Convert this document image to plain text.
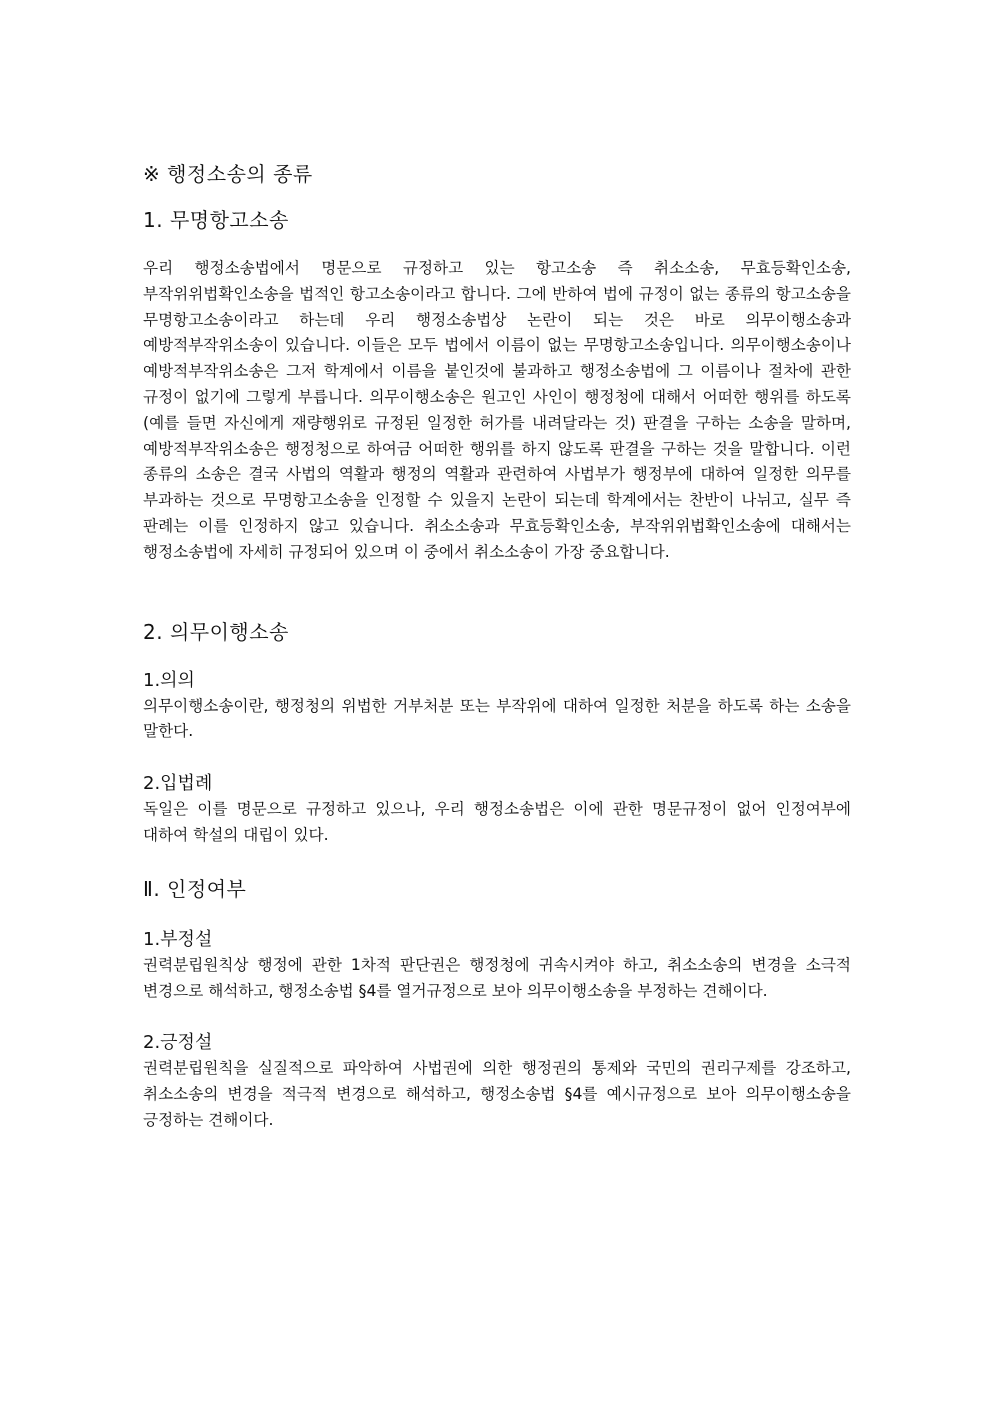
※ 행정소송의 종류
1. 무명항고소송

우리 행정소송법에서 명문으로 규정하고 있는 항고소송 즉 취소소송, 무효등확인소송, 부작위위법확인소송을 법적인 항고소송이라고 합니다. 그에 반하여 법에 규정이 없는 종류의 항고소송을 무명항고소송이라고 하는데 우리 행정소송법상 논란이 되는 것은 바로 의무이행소송과 예방적부작위소송이 있습니다. 이들은 모두 법에서 이름이 없는 무명항고소송입니다. 의무이행소송이나 예방적부작위소송은 그저 학계에서 이름을 붙인것에 불과하고 행정소송법에 그 이름이나 절차에 관한 규정이 없기에 그렇게 부릅니다. 의무이행소송은 원고인 사인이 행정청에 대해서 어떠한 행위를 하도록(예를 들면 자신에게 재량행위로 규정된 일정한 허가를 내려달라는 것) 판결을 구하는 소송을 말하며, 예방적부작위소송은 행정청으로 하여금 어떠한 행위를 하지 않도록 판결을 구하는 것을 말합니다. 이런 종류의 소송은 결국 사법의 역활과 행정의 역활과 관련하여 사법부가 행정부에 대하여 일정한 의무를 부과하는 것으로 무명항고소송을 인정할 수 있을지 논란이 되는데 학계에서는 찬반이 나뉘고, 실무 즉 판례는 이를 인정하지 않고 있습니다. 취소소송과 무효등확인소송, 부작위위법확인소송에 대해서는 행정소송법에 자세히 규정되어 있으며 이 중에서 취소소송이 가장 중요합니다.

2. 의무이행소송
1.의의

의무이행소송이란, 행정청의 위법한 거부처분 또는 부작위에 대하여 일정한 처분을 하도록 하는 소송을 말한다.

2.입법례

독일은 이를 명문으로 규정하고 있으나, 우리 행정소송법은 이에 관한 명문규정이 없어 인정여부에 대하여 학설의 대립이 있다.

Ⅱ. 인정여부
1.부정설

권력분립원칙상 행정에 관한 1차적 판단권은 행정청에 귀속시켜야 하고, 취소소송의 변경을 소극적 변경으로 해석하고, 행정소송법 §4를 열거규정으로 보아 의무이행소송을 부정하는 견해이다.

2.긍정설

권력분립원칙을 실질적으로 파악하여 사법권에 의한 행정권의 통제와 국민의 권리구제를 강조하고, 취소소송의 변경을 적극적 변경으로 해석하고, 행정소송법 §4를 예시규정으로 보아 의무이행소송을 긍정하는 견해이다.
